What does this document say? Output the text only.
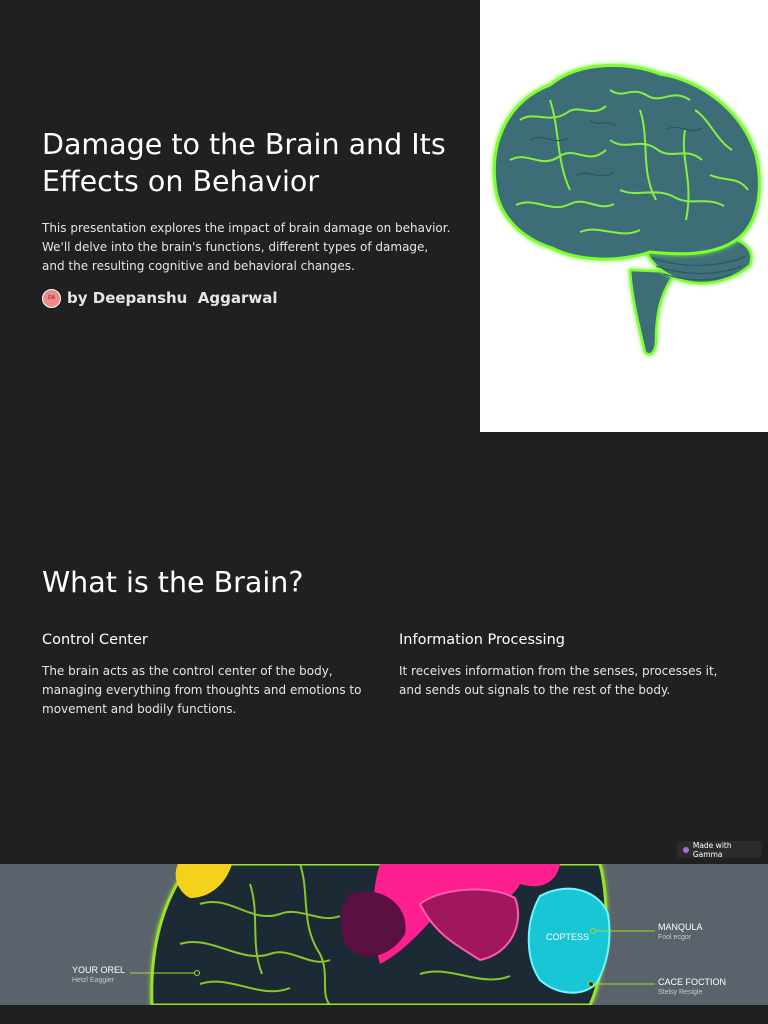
Damage to the Brain and Its Effects on Behavior

This presentation explores the impact of brain damage on behavior. We'll delve into the brain's functions, different types of damage, and the resulting cognitive and behavioral changes.

DA by Deepanshu  Aggarwal
What is the Brain?
Control Center

The brain acts as the control center of the body, managing everything from thoughts and emotions to movement and bodily functions.

Information Processing

It receives information from the senses, processes it, and sends out signals to the rest of the body.

Made with Gamma
COPTESS
MANQULA
Fool ecgor
CACE FOCTION
Stelsy Resigle
YOUR OREL
Hetzl Eaggier
